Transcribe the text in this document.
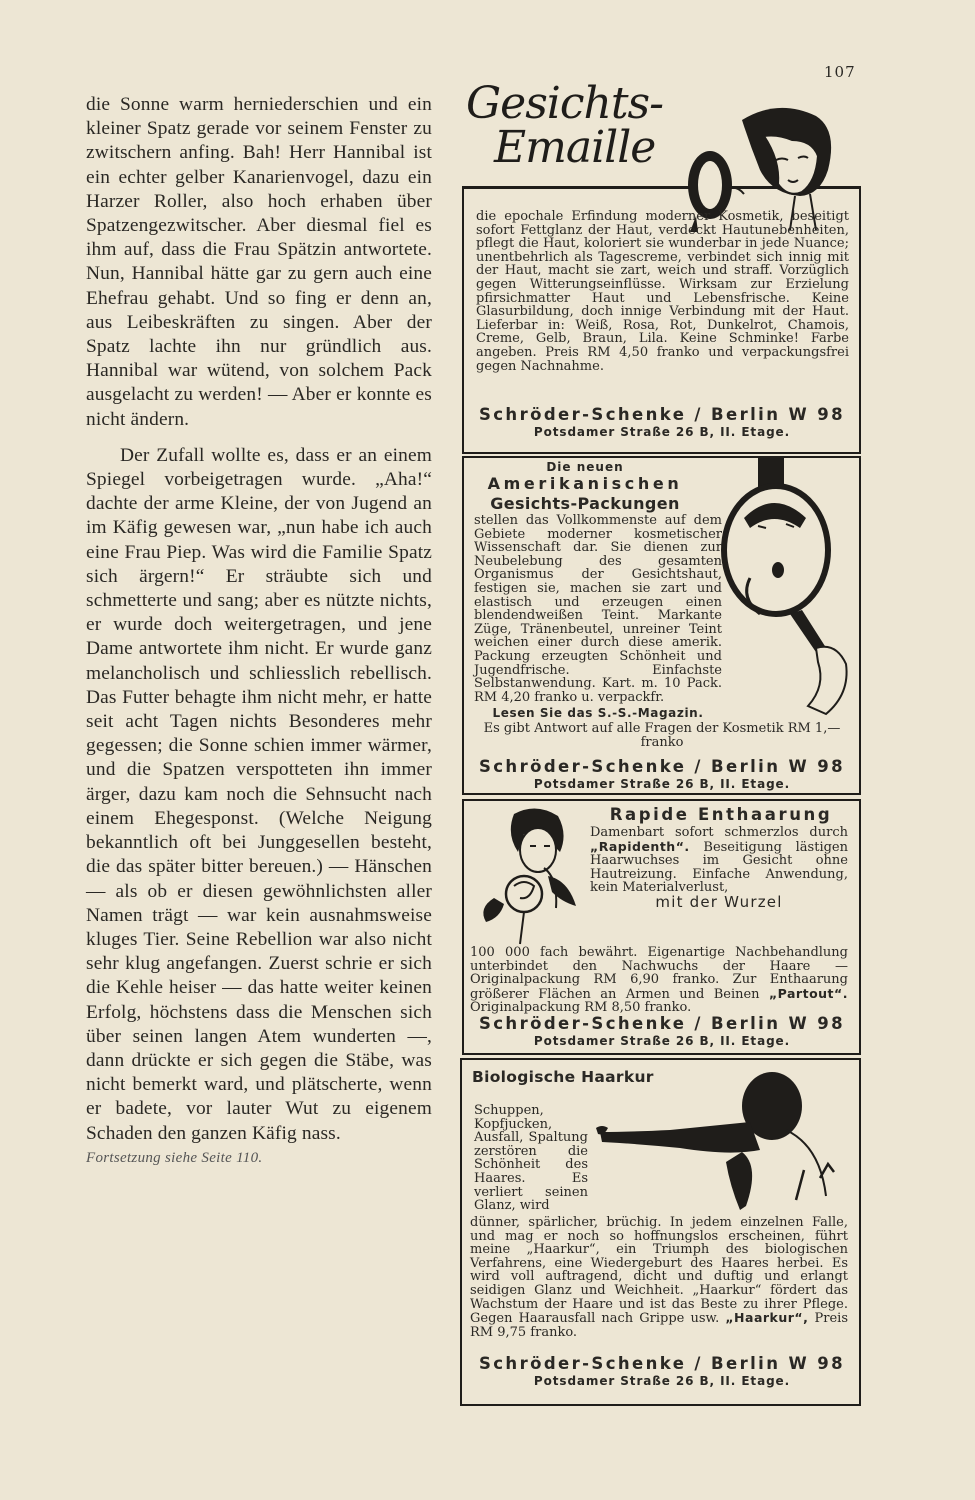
107

die Sonne warm herniederschien und ein kleiner Spatz gerade vor seinem Fenster zu zwitschern anfing. Bah! Herr Hannibal ist ein echter gelber Kanarienvogel, dazu ein Harzer Roller, also hoch erhaben über Spatzengezwitscher. Aber diesmal fiel es ihm auf, dass die Frau Spätzin antwortete. Nun, Hannibal hätte gar zu gern auch eine Ehefrau gehabt. Und so fing er denn an, aus Leibeskräften zu singen. Aber der Spatz lachte ihn nur gründlich aus. Hannibal war wütend, von solchem Pack ausgelacht zu werden! — Aber er konnte es nicht ändern.

Der Zufall wollte es, dass er an einem Spiegel vorbeigetragen wurde. „Aha!“ dachte der arme Kleine, der von Jugend an im Käfig gewesen war, „nun habe ich auch eine Frau Piep. Was wird die Familie Spatz sich ärgern!“ Er sträubte sich und schmetterte und sang; aber es nützte nichts, er wurde doch weitergetragen, und jene Dame antwortete ihm nicht. Er wurde ganz melancholisch und schliesslich rebellisch. Das Futter behagte ihm nicht mehr, er hatte seit acht Tagen nichts Besonderes mehr gegessen; die Sonne schien immer wärmer, und die Spatzen verspotteten ihn immer ärger, dazu kam noch die Sehnsucht nach einem Ehegesponst. (Welche Neigung bekanntlich oft bei Junggesellen besteht, die das später bitter bereuen.) — Hänschen — als ob er diesen gewöhnlichsten aller Namen trägt — war kein ausnahmsweise kluges Tier. Seine Rebellion war also nicht sehr klug angefangen. Zuerst schrie er sich die Kehle heiser — das hatte weiter keinen Erfolg, höchstens dass die Menschen sich über seinen langen Atem wunderten —, dann drückte er sich gegen die Stäbe, was nicht bemerkt ward, und plätscherte, wenn er badete, vor lauter Wut zu eigenem Schaden den ganzen Käfig nass.

Fortsetzung siehe Seite 110.

Gesichts-
Emaille
die epochale Erfindung moderner Kosmetik, beseitigt sofort Fettglanz der Haut, verdeckt Hautunebenheiten, pflegt die Haut, koloriert sie wunderbar in jede Nuance; unentbehrlich als Tagescreme, verbindet sich innig mit der Haut, macht sie zart, weich und straff. Vorzüglich gegen Witterungseinflüsse. Wirksam zur Erzielung pfirsichmatter Haut und Lebensfrische. Keine Glasurbildung, doch innige Verbindung mit der Haut. Lieferbar in: Weiß, Rosa, Rot, Dunkelrot, Chamois, Creme, Gelb, Braun, Lila. Keine Schminke! Farbe angeben. Preis RM 4,50 franko und verpackungsfrei gegen Nachnahme.
Schröder-Schenke / Berlin W 98
Potsdamer Straße 26 B, II. Etage.
Die neuen
Amerikanischen
Gesichts-Packungen
stellen das Vollkommenste auf dem Gebiete moderner kosmetischer Wissenschaft dar. Sie dienen zur Neubelebung des gesamten Organismus der Gesichtshaut, festigen sie, machen sie zart und elastisch und erzeugen einen blendendweißen Teint. Markante Züge, Tränenbeutel, unreiner Teint weichen einer durch diese amerik. Packung erzeugten Schönheit und Jugendfrische. Einfachste Selbstanwendung. Kart. m. 10 Pack. RM 4,20 franko u. verpackfr.
Lesen Sie das S.-S.-Magazin.
Es gibt Antwort auf alle Fragen der Kosmetik RM 1,— franko
Schröder-Schenke / Berlin W 98
Potsdamer Straße 26 B, II. Etage.
Rapide Enthaarung
Damenbart sofort schmerzlos durch „Rapidenth“. Beseitigung lästigen Haarwuchses im Gesicht ohne Hautreizung. Einfache Anwendung, kein Materialverlust,
mit der Wurzel
100 000 fach bewährt. Eigenartige Nachbehandlung unterbindet den Nachwuchs der Haare — Originalpackung RM 6,90 franko. Zur Enthaarung größerer Flächen an Armen und Beinen „Partout“. Originalpackung RM 8,50 franko.
Schröder-Schenke / Berlin W 98
Potsdamer Straße 26 B, II. Etage.
Biologische Haarkur
Schuppen, Kopfjucken, Ausfall, Spaltung zerstören die Schönheit des Haares. Es verliert seinen Glanz, wird
dünner, spärlicher, brüchig. In jedem einzelnen Falle, und mag er noch so hoffnungslos erscheinen, führt meine „Haarkur“, ein Triumph des biologischen Verfahrens, eine Wiedergeburt des Haares herbei. Es wird voll auftragend, dicht und duftig und erlangt seidigen Glanz und Weichheit. „Haarkur“ fördert das Wachstum der Haare und ist das Beste zu ihrer Pflege. Gegen Haarausfall nach Grippe usw. „Haarkur“, Preis RM 9,75 franko.
Schröder-Schenke / Berlin W 98
Potsdamer Straße 26 B, II. Etage.
